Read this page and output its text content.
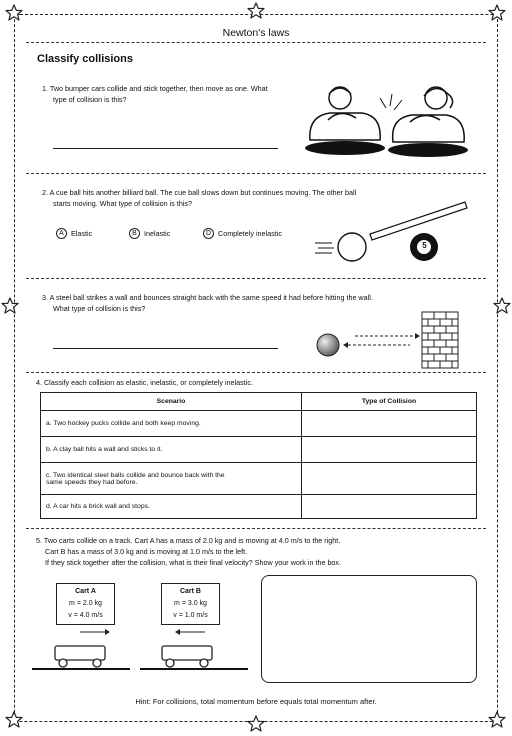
Newton's laws
Classify collisions
1. Two bumper cars collide and stick together, then move as one. What
type of collision is this?
2. A cue ball hits another billiard ball. The cue ball slows down but continues moving. The other ball
starts moving. What type of collision is this?
A Elastic	B Inelastic	D Completely inelastic
5
3. A steel ball strikes a wall and bounces straight back with the same speed it had before hitting the wall.
What type of collision is this?
4. Classify each collision as elastic, inelastic, or completely inelastic.
Scenario	Type of Collision

a. Two hockey pucks collide and both keep moving.	

b. A clay ball hits a wall and sticks to it.	

c. Two identical steel balls collide and bounce back with the
same speeds they had before.	

d. A car hits a brick wall and stops.	

5. Two carts collide on a track. Cart A has a mass of 2.0 kg and is moving at 4.0 m/s to the right.
Cart B has a mass of 3.0 kg and is moving at 1.0 m/s to the left.
If they stick together after the collision, what is their final velocity? Show your work in the box.
Cart A
m = 2.0 kg
v = 4.0 m/s
Cart B
m = 3.0 kg
v = 1.0 m/s
Hint: For collisions, total momentum before equals total momentum after.
